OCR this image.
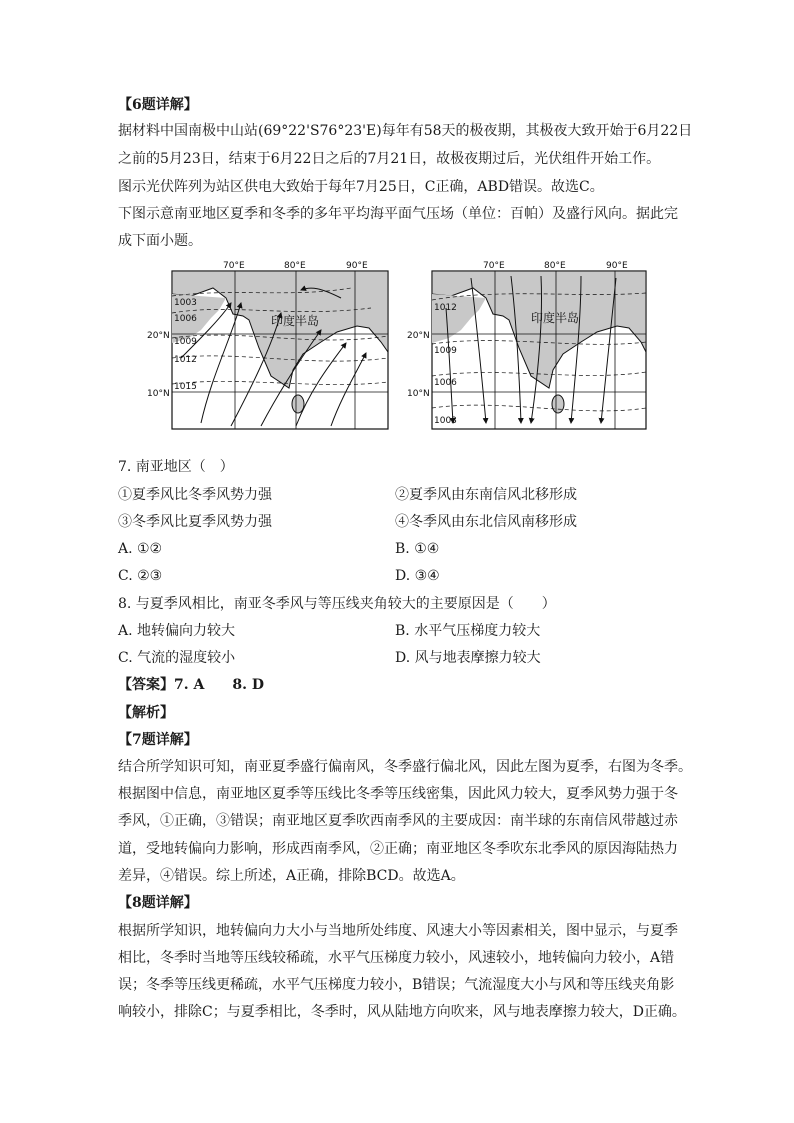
【6题详解】
据材料中国南极中山站(69°22'S76°23'E)每年有58天的极夜期，其极夜大致开始于6月22日
之前的5月23日，结束于6月22日之后的7月21日，故极夜期过后，光伏组件开始工作。
图示光伏阵列为站区供电大致始于每年7月25日，C正确，ABD错误。故选C。
下图示意南亚地区夏季和冬季的多年平均海平面气压场（单位：百帕）及盛行风向。据此完
成下面小题。
70°E	80°E	90°E
20°N
10°N
1003
1006
1009
1012
1015
印度半岛
70°E	80°E	90°E
20°N
10°N
1012
1009
1006
1003
印度半岛
7. 南亚地区（　）
①夏季风比冬季风势力强	②夏季风由东南信风北移形成
③冬季风比夏季风势力强	④冬季风由东北信风南移形成
A. ①②	B. ①④
C. ②③	D. ③④
8. 与夏季风相比，南亚冬季风与等压线夹角较大的主要原因是（　　）
A. 地转偏向力较大	B. 水平气压梯度力较大
C. 气流的湿度较小	D. 风与地表摩擦力较大
【答案】7. A　　8. D
【解析】
【7题详解】
结合所学知识可知，南亚夏季盛行偏南风，冬季盛行偏北风，因此左图为夏季，右图为冬季。
根据图中信息，南亚地区夏季等压线比冬季等压线密集，因此风力较大，夏季风势力强于冬
季风，①正确，③错误；南亚地区夏季吹西南季风的主要成因：南半球的东南信风带越过赤
道，受地转偏向力影响，形成西南季风，②正确；南亚地区冬季吹东北季风的原因海陆热力
差异，④错误。综上所述，A正确，排除BCD。故选A。
【8题详解】
根据所学知识，地转偏向力大小与当地所处纬度、风速大小等因素相关，图中显示，与夏季
相比，冬季时当地等压线较稀疏，水平气压梯度力较小，风速较小，地转偏向力较小，A错
误；冬季等压线更稀疏，水平气压梯度力较小，B错误；气流湿度大小与风和等压线夹角影
响较小，排除C；与夏季相比，冬季时，风从陆地方向吹来，风与地表摩擦力较大，D正确。
